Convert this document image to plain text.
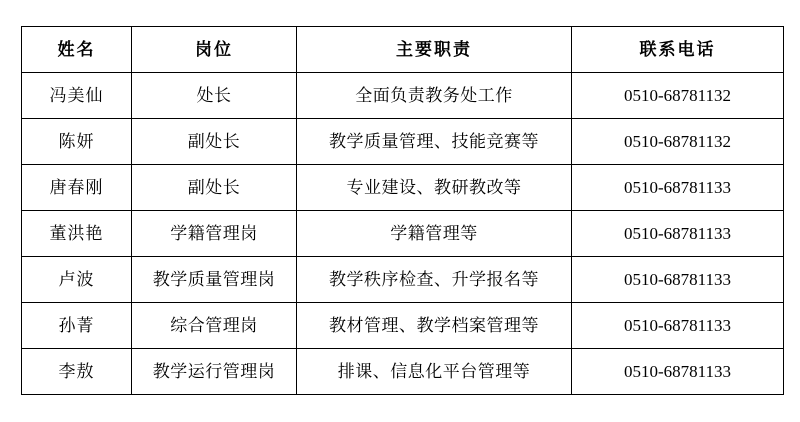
姓名	岗位	主要职责	联系电话
冯美仙	处长	全面负责教务处工作	0510-68781132
陈妍	副处长	教学质量管理、技能竞赛等	0510-68781132
唐春刚	副处长	专业建设、教研教改等	0510-68781133
董洪艳	学籍管理岗	学籍管理等	0510-68781133
卢波	教学质量管理岗	教学秩序检查、升学报名等	0510-68781133
孙菁	综合管理岗	教材管理、教学档案管理等	0510-68781133
李敖	教学运行管理岗	排课、信息化平台管理等	0510-68781133
